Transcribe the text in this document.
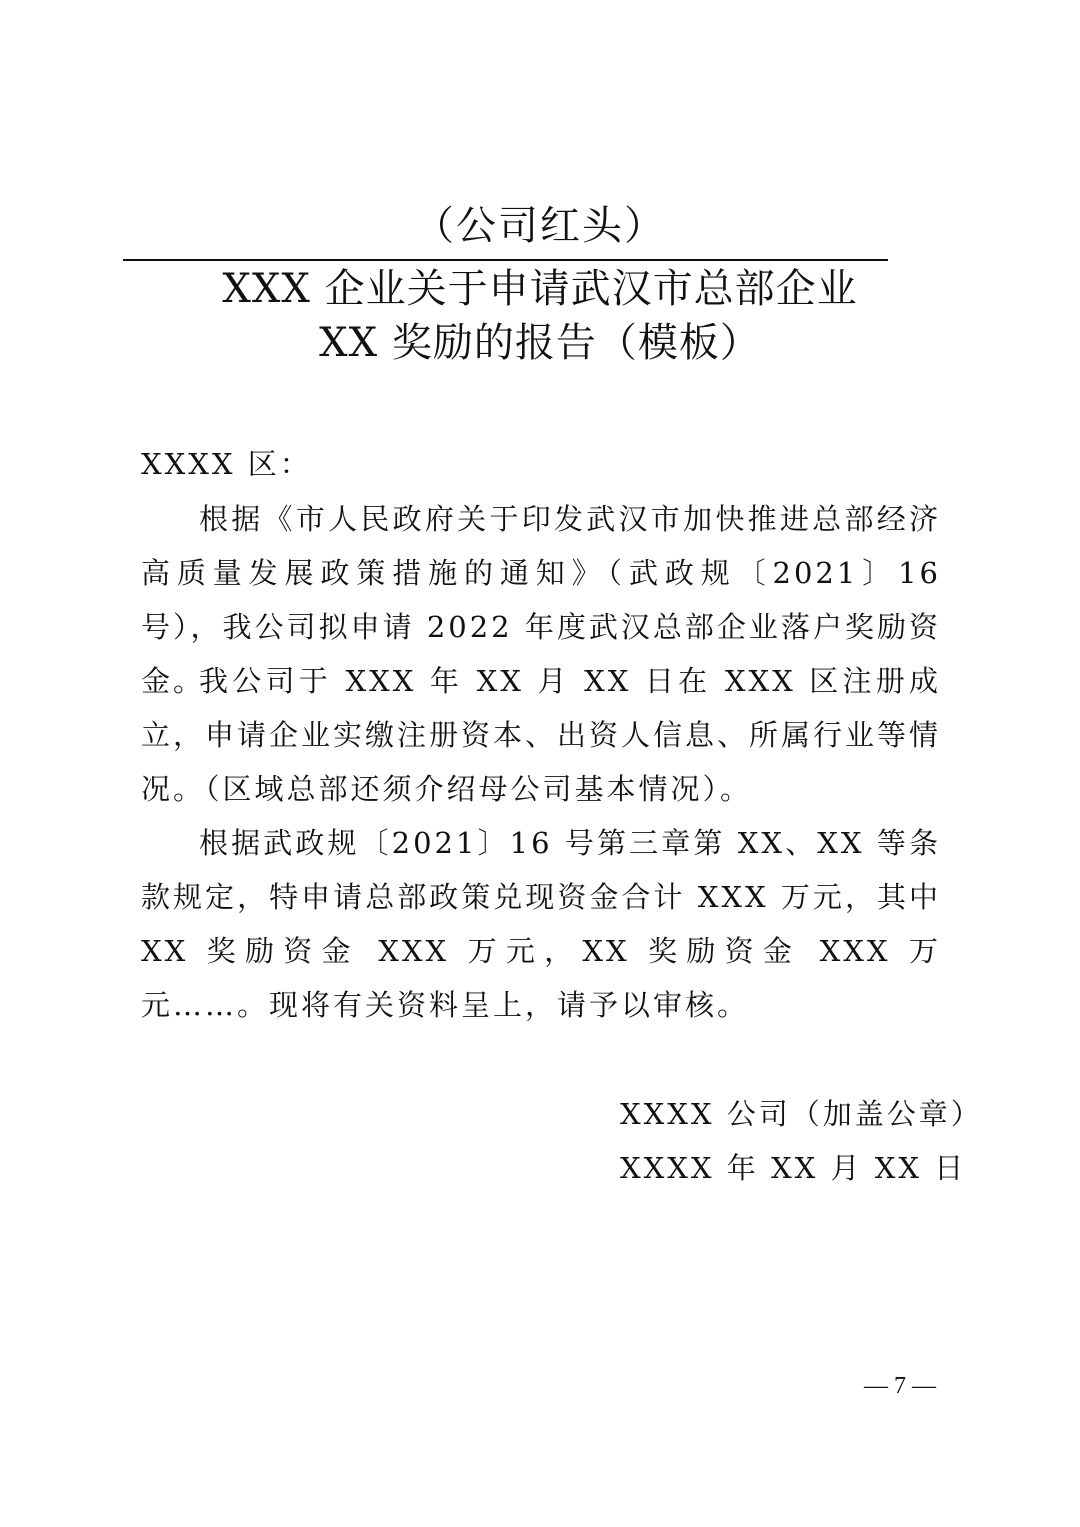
（公司红头）
XXX 企业关于申请武汉市总部企业
XX 奖励的报告（模板）
XXXX 区：
根据《市人民政府关于印发武汉市加快推进总部经济高质量发展政策措施的通知》（武政规〔2021〕16 号），我公司拟申请 2022 年度武汉总部企业落户奖励资金。
我公司于 XXX 年 XX 月 XX 日在 XXX 区注册成立，申请企业实缴注册资本、出资人信息、所属行业等情况。（区域总部还须介绍母公司基本情况）。
根据武政规〔2021〕16 号第三章第 XX、XX 等条款规定，特申请总部政策兑现资金合计 XXX 万元，其中 XX 奖励资金 XXX 万元，XX 奖励资金 XXX 万元……。现将有关资料呈上，请予以审核。
XXXX 公司（加盖公章）
XXXX 年 XX 月 XX 日
— 7 —
